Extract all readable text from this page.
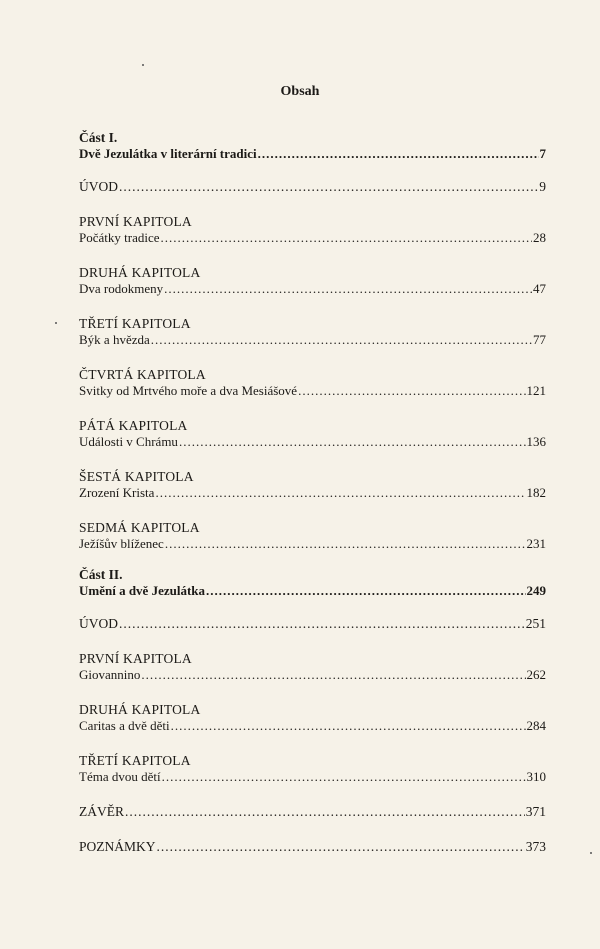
Obsah
Část I.
Dvě Jezulátka v literární tradici .....	7
ÚVOD .....	9
PRVNÍ KAPITOLA
Počátky tradice .....	28
DRUHÁ KAPITOLA
Dva rodokmeny .....	47
TŘETÍ KAPITOLA
Býk a hvězda .....	77
ČTVRTÁ KAPITOLA
Svitky od Mrtvého moře a dva Mesiášové .....	121
PÁTÁ KAPITOLA
Události v Chrámu .....	136
ŠESTÁ KAPITOLA
Zrození Krista .....	182
SEDMÁ KAPITOLA
Ježíšův blíženec .....	231
Část II.
Umění a dvě Jezulátka .....	249
ÚVOD .....	251
PRVNÍ KAPITOLA
Giovannino .....	262
DRUHÁ KAPITOLA
Caritas a dvě děti .....	284
TŘETÍ KAPITOLA
Téma dvou dětí .....	310
ZÁVĚR .....	371
POZNÁMKY .....	373
